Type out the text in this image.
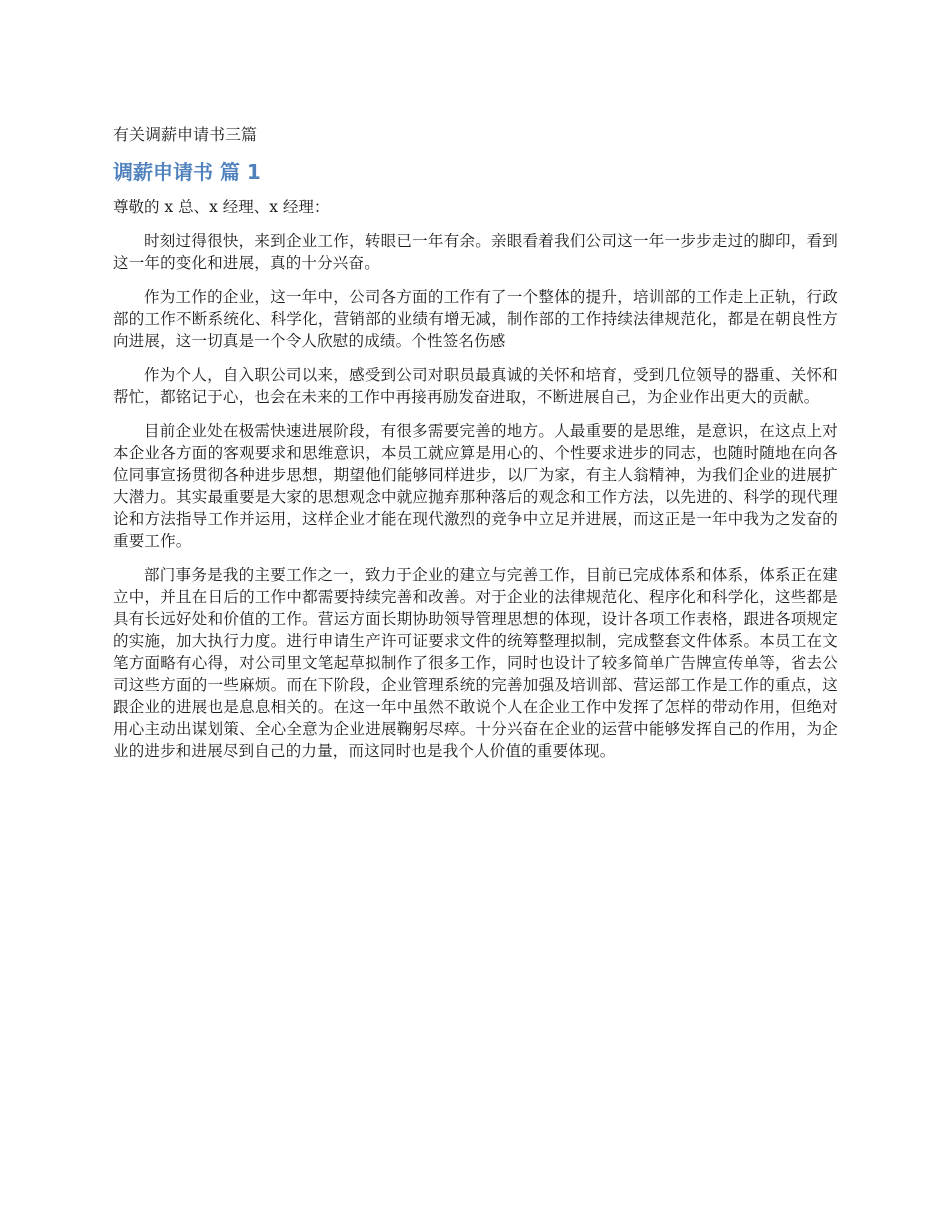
有关调薪申请书三篇
调薪申请书 篇 1
尊敬的 x 总、x 经理、x 经理：

时刻过得很快，来到企业工作，转眼已一年有余。亲眼看着我们公司这一年一步步走过的脚印，看到这一年的变化和进展，真的十分兴奋。

作为工作的企业，这一年中，公司各方面的工作有了一个整体的提升，培训部的工作走上正轨，行政部的工作不断系统化、科学化，营销部的业绩有增无减，制作部的工作持续法律规范化，都是在朝良性方向进展，这一切真是一个令人欣慰的成绩。个性签名伤感

作为个人，自入职公司以来，感受到公司对职员最真诚的关怀和培育，受到几位领导的器重、关怀和帮忙，都铭记于心，也会在未来的工作中再接再励发奋进取，不断进展自己，为企业作出更大的贡献。

目前企业处在极需快速进展阶段，有很多需要完善的地方。人最重要的是思维，是意识，在这点上对本企业各方面的客观要求和思维意识，本员工就应算是用心的、个性要求进步的同志，也随时随地在向各位同事宣扬贯彻各种进步思想，期望他们能够同样进步，以厂为家，有主人翁精神，为我们企业的进展扩大潜力。其实最重要是大家的思想观念中就应抛弃那种落后的观念和工作方法，以先进的、科学的现代理论和方法指导工作并运用，这样企业才能在现代激烈的竞争中立足并进展，而这正是一年中我为之发奋的重要工作。

部门事务是我的主要工作之一，致力于企业的建立与完善工作，目前已完成体系和体系，体系正在建立中，并且在日后的工作中都需要持续完善和改善。对于企业的法律规范化、程序化和科学化，这些都是具有长远好处和价值的工作。营运方面长期协助领导管理思想的体现，设计各项工作表格，跟进各项规定的实施，加大执行力度。进行申请生产许可证要求文件的统筹整理拟制，完成整套文件体系。本员工在文笔方面略有心得，对公司里文笔起草拟制作了很多工作，同时也设计了较多简单广告牌宣传单等，省去公司这些方面的一些麻烦。而在下阶段，企业管理系统的完善加强及培训部、营运部工作是工作的重点，这跟企业的进展也是息息相关的。在这一年中虽然不敢说个人在企业工作中发挥了怎样的带动作用，但绝对用心主动出谋划策、全心全意为企业进展鞠躬尽瘁。十分兴奋在企业的运营中能够发挥自己的作用，为企业的进步和进展尽到自己的力量，而这同时也是我个人价值的重要体现。
